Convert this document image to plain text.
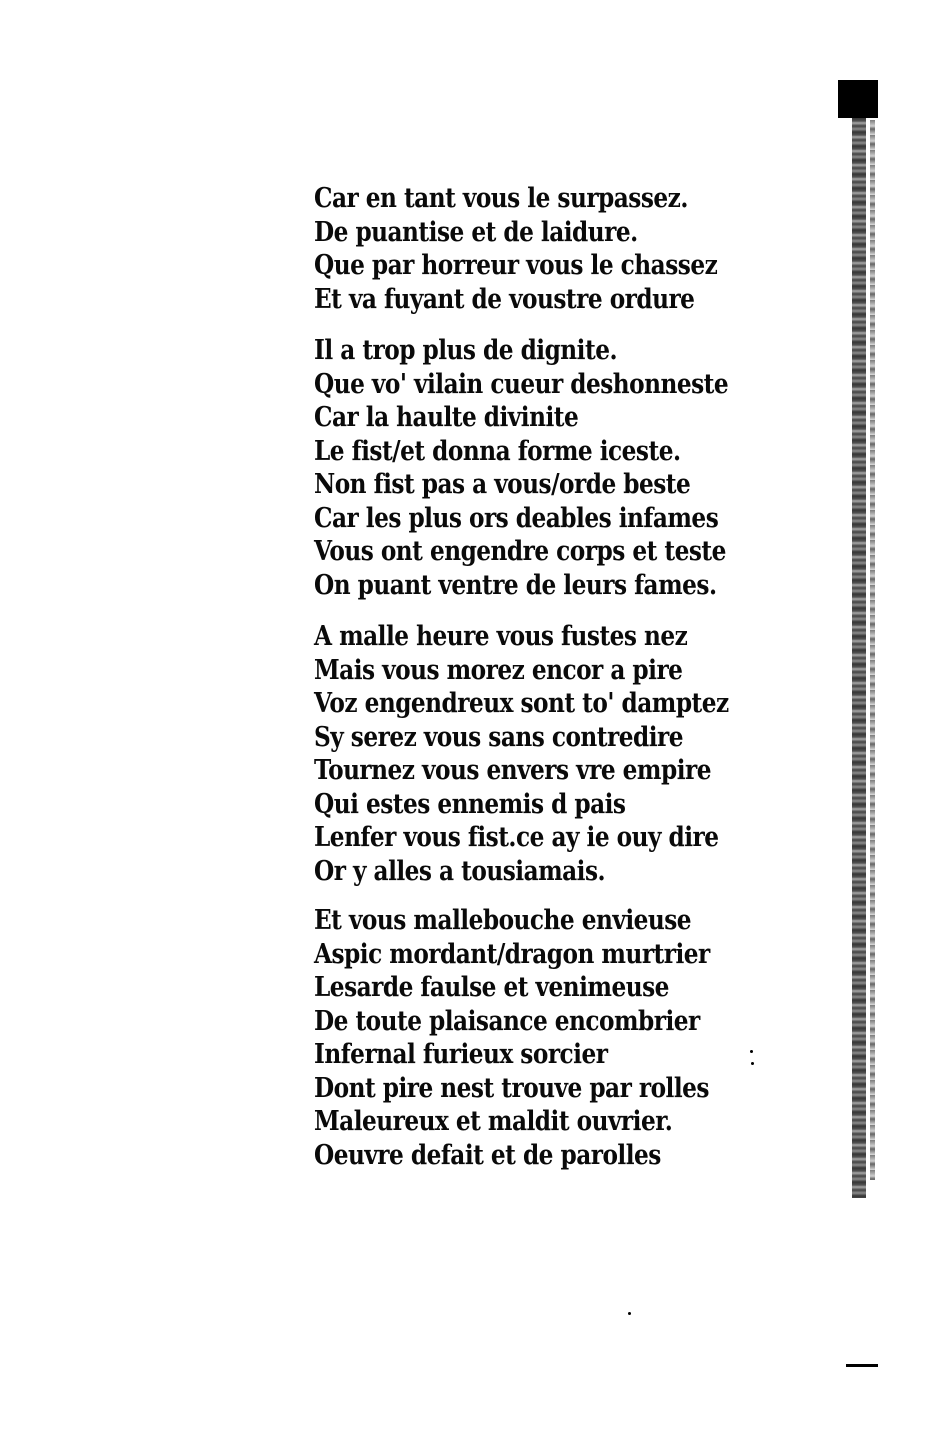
Car en tant vous le surpassez.
De puantise et de laidure.
Que par horreur vous le chassez
Et va fuyant de voustre ordure
Il a trop plus de dignite.
Que vo' vilain cueur deshonneste
Car la haulte divinite
Le fist/et donna forme iceste.
Non fist pas a vous/orde beste
Car les plus ors deables infames
Vous ont engendre corps et teste
On puant ventre de leurs fames.
A malle heure vous fustes nez
Mais vous morez encor a pire
Voz engendreux sont to' damptez
Sy serez vous sans contredire
Tournez vous envers vre empire
Qui estes ennemis d pais
Lenfer vous fist.ce ay ie ouy dire
Or y alles a tousiamais.
Et vous mallebouche envieuse
Aspic mordant/dragon murtrier
Lesarde faulse et venimeuse
De toute plaisance encombrier
Infernal furieux sorcier
Dont pire nest trouve par rolles
Maleureux et maldit ouvrier.
Oeuvre defait et de parolles
